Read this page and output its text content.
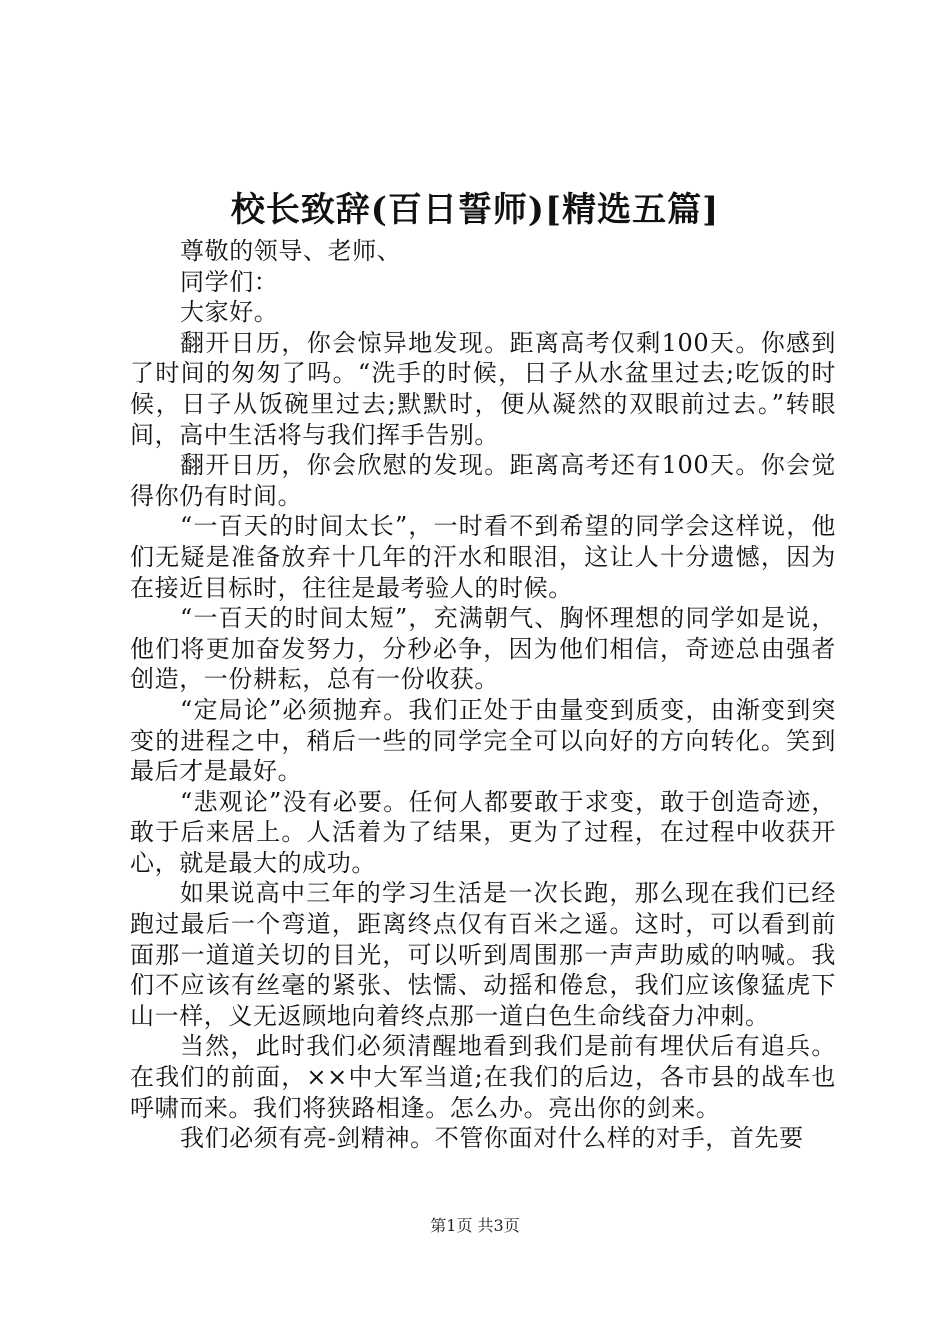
校长致辞(百日誓师)[精选五篇]

尊敬的领导、老师、

同学们：

大家好。

翻开日历，你会惊异地发现。距离高考仅剩100天。你感到了时间的匆匆了吗。“洗手的时候，日子从水盆里过去;吃饭的时候，日子从饭碗里过去;默默时，便从凝然的双眼前过去。”转眼间，高中生活将与我们挥手告别。

翻开日历，你会欣慰的发现。距离高考还有100天。你会觉得你仍有时间。

“一百天的时间太长”，一时看不到希望的同学会这样说，他们无疑是准备放弃十几年的汗水和眼泪，这让人十分遗憾，因为在接近目标时，往往是最考验人的时候。

“一百天的时间太短”，充满朝气、胸怀理想的同学如是说，他们将更加奋发努力，分秒必争，因为他们相信，奇迹总由强者创造，一份耕耘，总有一份收获。

“定局论”必须抛弃。我们正处于由量变到质变，由渐变到突变的进程之中，稍后一些的同学完全可以向好的方向转化。笑到最后才是最好。

“悲观论”没有必要。任何人都要敢于求变，敢于创造奇迹，敢于后来居上。人活着为了结果，更为了过程，在过程中收获开心，就是最大的成功。

如果说高中三年的学习生活是一次长跑，那么现在我们已经跑过最后一个弯道，距离终点仅有百米之遥。这时，可以看到前面那一道道关切的目光，可以听到周围那一声声助威的呐喊。我们不应该有丝毫的紧张、怯懦、动摇和倦怠，我们应该像猛虎下山一样，义无返顾地向着终点那一道白色生命线奋力冲刺。

当然，此时我们必须清醒地看到我们是前有埋伏后有追兵。在我们的前面，××中大军当道;在我们的后边，各市县的战车也呼啸而来。我们将狭路相逢。怎么办。亮出你的剑来。

我们必须有亮-剑精神。不管你面对什么样的对手，首先要

第1页 共3页
